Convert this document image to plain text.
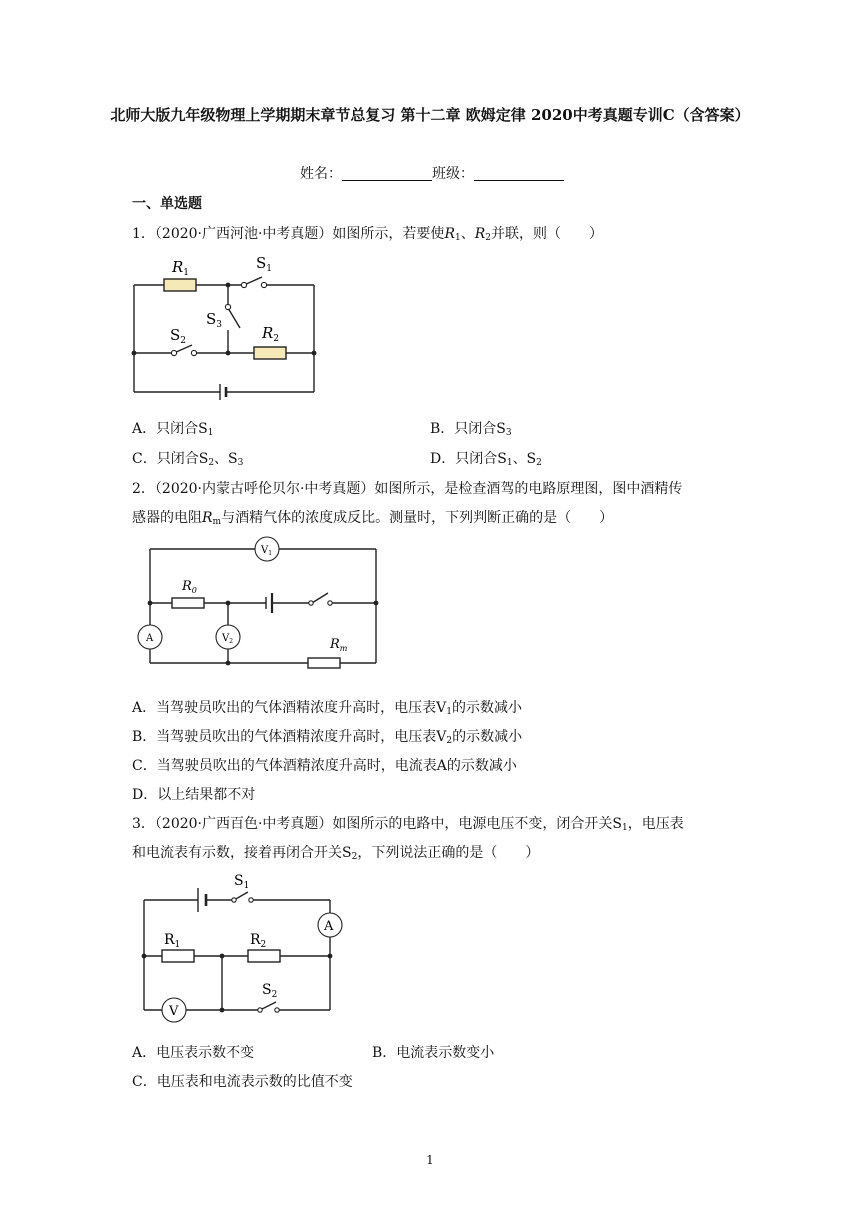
北师大版九年级物理上学期期末章节总复习 第十二章 欧姆定律 2020中考真题专训C（含答案）
姓名：	班级：
一、单选题
1．（2020·广西河池·中考真题）如图所示，若要使$R_1$、$R_2$并联，则（　　）
$R_1$
$S_1$
$S_3$
$S_2$	$R_2$
A．只闭合$S_1$	B．只闭合$S_3$
C．只闭合$S_2$、$S_3$	D．只闭合$S_1$、$S_2$
2．（2020·内蒙古呼伦贝尔·中考真题）如图所示，是检查酒驾的电路原理图，图中酒精传
感器的电阻$R_m$与酒精气体的浓度成反比。测量时，下列判断正确的是（　　）
$V_1$
A	$V_2$
$R_0$
$R_m$
A．当驾驶员吹出的气体酒精浓度升高时，电压表$V_1$的示数减小
B．当驾驶员吹出的气体酒精浓度升高时，电压表$V_2$的示数减小
C．当驾驶员吹出的气体酒精浓度升高时，电流表A的示数减小
D．以上结果都不对
3．（2020·广西百色·中考真题）如图所示的电路中，电源电压不变，闭合开关$S_1$，电压表
和电流表有示数，接着再闭合开关$S_2$，下列说法正确的是（　　）
A
V
$S_1$
$R_1$	$R_2$
$S_2$
A．电压表示数不变	B．电流表示数变小
C．电压表和电流表示数的比值不变
1
